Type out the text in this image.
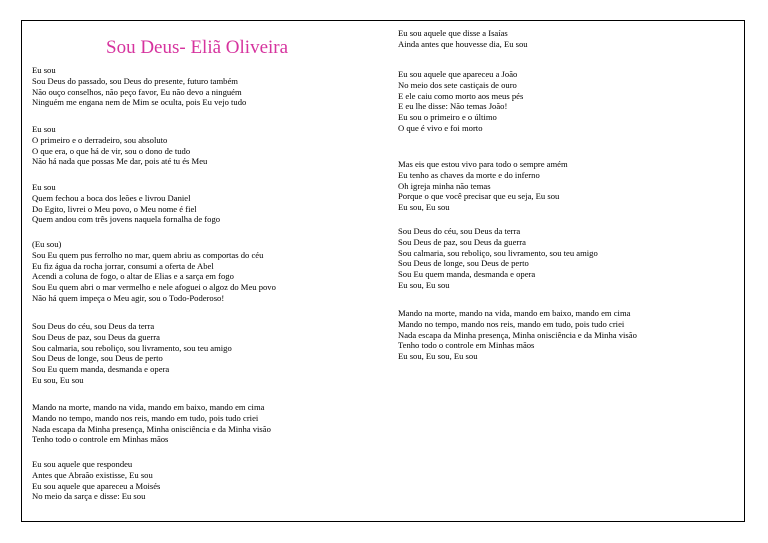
Sou Deus- Eliã Oliveira
Eu sou
Sou Deus do passado, sou Deus do presente, futuro também
Não ouço conselhos, não peço favor, Eu não devo a ninguém
Ninguém me engana nem de Mim se oculta, pois Eu vejo tudo
Eu sou
O primeiro e o derradeiro, sou absoluto
O que era, o que há de vir, sou o dono de tudo
Não há nada que possas Me dar, pois até tu és Meu
Eu sou
Quem fechou a boca dos leões e livrou Daniel
Do Egito, livrei o Meu povo, o Meu nome é fiel
Quem andou com três jovens naquela fornalha de fogo
(Eu sou)
Sou Eu quem pus ferrolho no mar, quem abriu as comportas do céu
Eu fiz água da rocha jorrar, consumi a oferta de Abel
Acendi a coluna de fogo, o altar de Elias e a sarça em fogo
Sou Eu quem abri o mar vermelho e nele afoguei o algoz do Meu povo
Não há quem impeça o Meu agir, sou o Todo-Poderoso!
Sou Deus do céu, sou Deus da terra
Sou Deus de paz, sou Deus da guerra
Sou calmaria, sou reboliço, sou livramento, sou teu amigo
Sou Deus de longe, sou Deus de perto
Sou Eu quem manda, desmanda e opera
Eu sou, Eu sou
Mando na morte, mando na vida, mando em baixo, mando em cima
Mando no tempo, mando nos reis, mando em tudo, pois tudo criei
Nada escapa da Minha presença, Minha onisciência e da Minha visão
Tenho todo o controle em Minhas mãos
Eu sou aquele que respondeu
Antes que Abraão existisse, Eu sou
Eu sou aquele que apareceu a Moisés
No meio da sarça e disse: Eu sou
Eu sou aquele que disse a Isaías
Ainda antes que houvesse dia, Eu sou
Eu sou aquele que apareceu a João
No meio dos sete castiçais de ouro
E ele caiu como morto aos meus pés
E eu lhe disse: Não temas João!
Eu sou o primeiro e o último
O que é vivo e foi morto
Mas eis que estou vivo para todo o sempre amém
Eu tenho as chaves da morte e do inferno
Oh igreja minha não temas
Porque o que você precisar que eu seja, Eu sou
Eu sou, Eu sou
Sou Deus do céu, sou Deus da terra
Sou Deus de paz, sou Deus da guerra
Sou calmaria, sou reboliço, sou livramento, sou teu amigo
Sou Deus de longe, sou Deus de perto
Sou Eu quem manda, desmanda e opera
Eu sou, Eu sou
Mando na morte, mando na vida, mando em baixo, mando em cima
Mando no tempo, mando nos reis, mando em tudo, pois tudo criei
Nada escapa da Minha presença, Minha onisciência e da Minha visão
Tenho todo o controle em Minhas mãos
Eu sou, Eu sou, Eu sou
